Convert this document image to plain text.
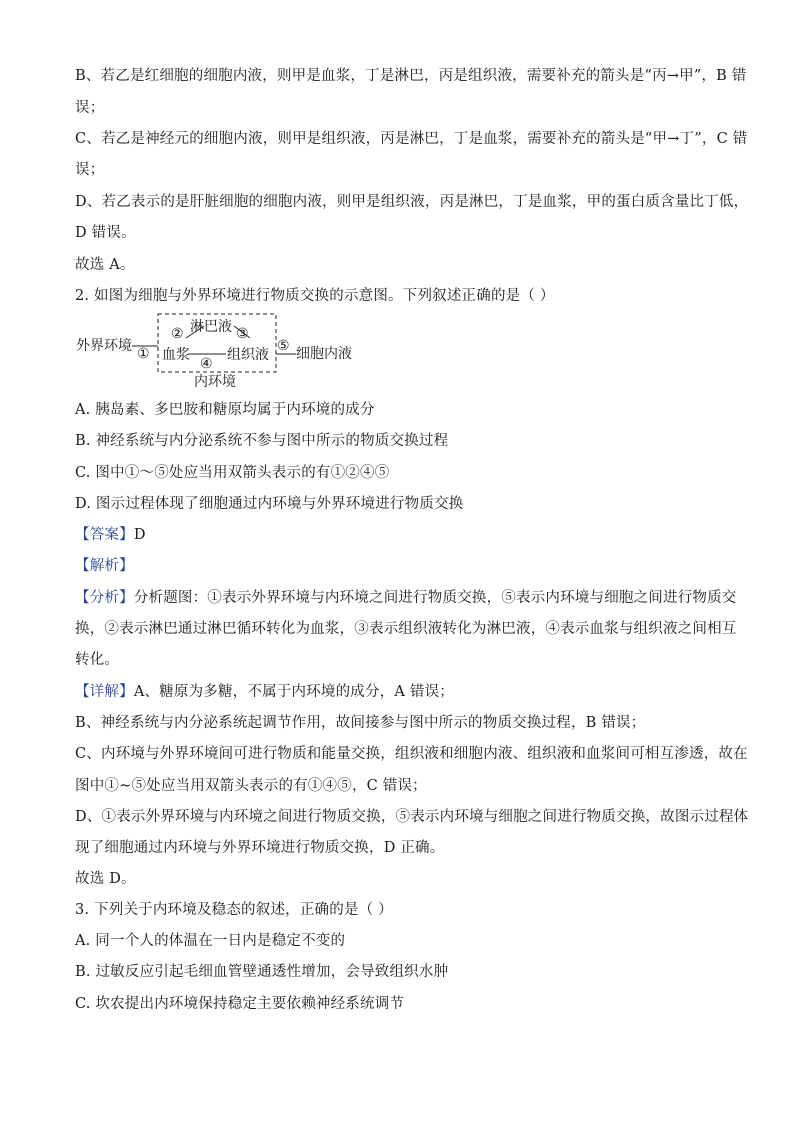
B、若乙是红细胞的细胞内液，则甲是血浆，丁是淋巴，丙是组织液，需要补充的箭头是“丙→甲”，B 错
误；
C、若乙是神经元的细胞内液，则甲是组织液，丙是淋巴，丁是血浆，需要补充的箭头是“甲→丁”，C 错
误；
D、若乙表示的是肝脏细胞的细胞内液，则甲是组织液，丙是淋巴，丁是血浆，甲的蛋白质含量比丁低，
D 错误。
故选 A。
2. 如图为细胞与外界环境进行物质交换的示意图。下列叙述正确的是（ ）
外界环境 ①
② 淋巴液 ③
血浆
④
组织液
⑤ 细胞内液
内环境
A. 胰岛素、多巴胺和糖原均属于内环境的成分
B. 神经系统与内分泌系统不参与图中所示的物质交换过程
C. 图中①～⑤处应当用双箭头表示的有①②④⑤
D. 图示过程体现了细胞通过内环境与外界环境进行物质交换
【答案】D
【解析】
【分析】分析题图：①表示外界环境与内环境之间进行物质交换，⑤表示内环境与细胞之间进行物质交
换，②表示淋巴通过淋巴循环转化为血浆，③表示组织液转化为淋巴液，④表示血浆与组织液之间相互
转化。
【详解】A、糖原为多糖，不属于内环境的成分，A 错误；
B、神经系统与内分泌系统起调节作用，故间接参与图中所示的物质交换过程，B 错误；
C、内环境与外界环境间可进行物质和能量交换，组织液和细胞内液、组织液和血浆间可相互渗透，故在
图中①~⑤处应当用双箭头表示的有①④⑤，C 错误；
D、①表示外界环境与内环境之间进行物质交换，⑤表示内环境与细胞之间进行物质交换，故图示过程体
现了细胞通过内环境与外界环境进行物质交换，D 正确。
故选 D。
3. 下列关于内环境及稳态的叙述，正确的是（ ）
A. 同一个人的体温在一日内是稳定不变的
B. 过敏反应引起毛细血管壁通透性增加，会导致组织水肿
C. 坎农提出内环境保持稳定主要依赖神经系统调节
